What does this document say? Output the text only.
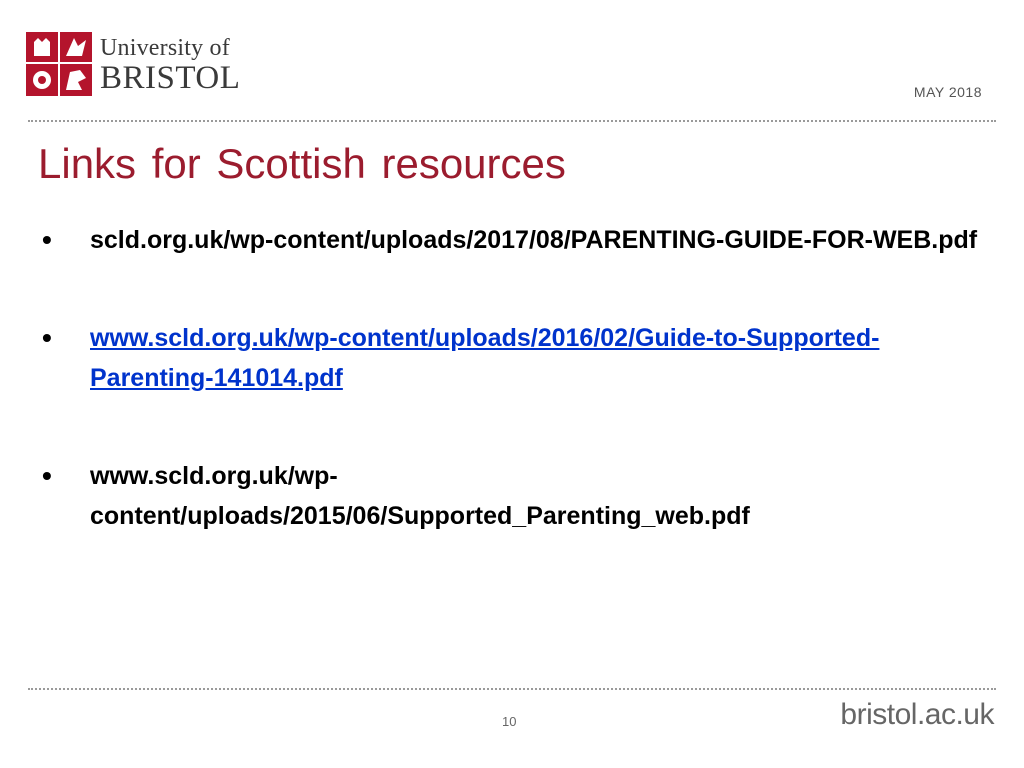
University of
BRISTOL	MAY 2018
Links for Scottish resources
• scld.org.uk/wp-content/uploads/2017/08/PARENTING-GUIDE-FOR-WEB.pdf
• www.scld.org.uk/wp-content/uploads/2016/02/Guide-to-Supported-Parenting-141014.pdf
• www.scld.org.uk/wp-content/uploads/2015/06/Supported_Parenting_web.pdf
10	bristol.ac.uk
